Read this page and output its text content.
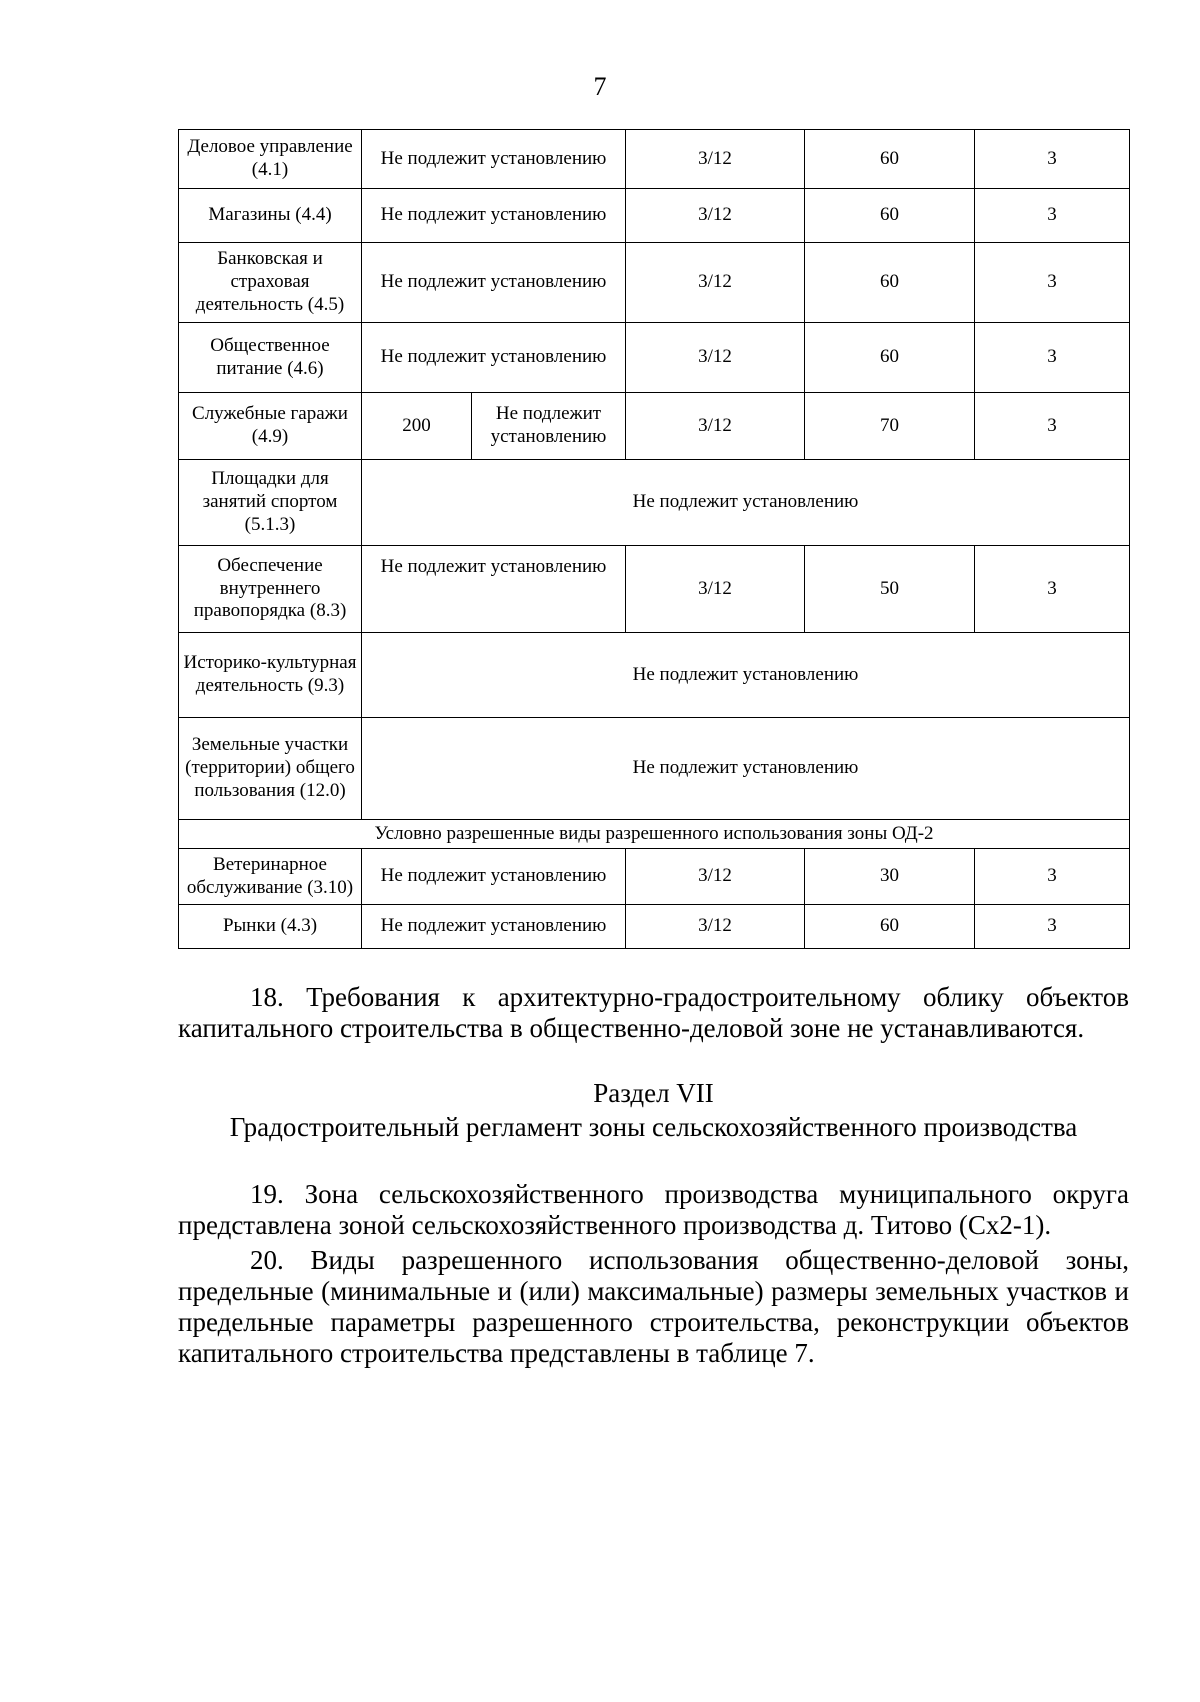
7
Деловое управление (4.1)	Не подлежит установлению		3/12	60	3
Магазины (4.4)	Не подлежит установлению		3/12	60	3
Банковская и страховая деятельность (4.5)	Не подлежит установлению		3/12	60	3
Общественное питание (4.6)	Не подлежит установлению		3/12	60	3
Служебные гаражи (4.9)	200	Не подлежит установлению	3/12	70	3
Площадки для занятий спортом (5.1.3)	Не подлежит установлению				
Обеспечение внутреннего правопорядка (8.3)	Не подлежит установлению		3/12	50	3
Историко-культурная деятельность (9.3)	Не подлежит установлению				
Земельные участки (территории) общего пользования (12.0)	Не подлежит установлению				
Условно разрешенные виды разрешенного использования зоны ОД-2					
Ветеринарное обслуживание (3.10)	Не подлежит установлению		3/12	30	3
Рынки (4.3)	Не подлежит установлению		3/12	60	3

18. Требования к архитектурно-градостроительному облику объектов капитального строительства в общественно-деловой зоне не устанавливаются.

Раздел VII

Градостроительный регламент зоны сельскохозяйственного производства

19. Зона сельскохозяйственного производства муниципального округа представлена зоной сельскохозяйственного производства д. Титово (Сх2-1).

20. Виды разрешенного использования общественно-деловой зоны, предельные (минимальные и (или) максимальные) размеры земельных участков и предельные параметры разрешенного строительства, реконструкции объектов капитального строительства представлены в таблице 7.
